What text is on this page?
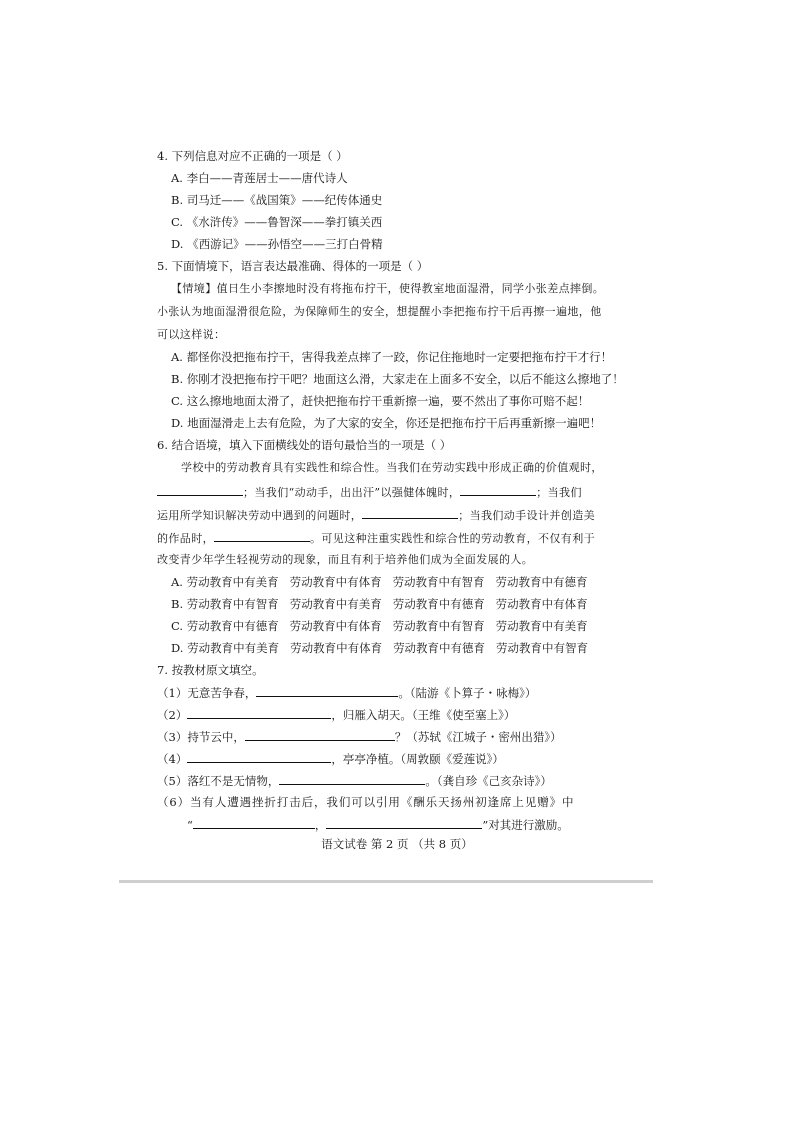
4. 下列信息对应不正确的一项是（ ）
A. 李白——青莲居士——唐代诗人
B. 司马迁——《战国策》——纪传体通史
C. 《水浒传》——鲁智深——拳打镇关西
D. 《西游记》——孙悟空——三打白骨精
5. 下面情境下，语言表达最准确、得体的一项是（ ）
【情境】值日生小李擦地时没有将拖布拧干，使得教室地面湿滑，同学小张差点摔倒。
小张认为地面湿滑很危险，为保障师生的安全，想提醒小李把拖布拧干后再擦一遍地，他
可以这样说：
A. 都怪你没把拖布拧干，害得我差点摔了一跤，你记住拖地时一定要把拖布拧干才行！
B. 你刚才没把拖布拧干吧？地面这么滑，大家走在上面多不安全，以后不能这么擦地了！
C. 这么擦地地面太滑了，赶快把拖布拧干重新擦一遍，要不然出了事你可赔不起！
D. 地面湿滑走上去有危险，为了大家的安全，你还是把拖布拧干后再重新擦一遍吧！
6. 结合语境，填入下面横线处的语句最恰当的一项是（ ）
学校中的劳动教育具有实践性和综合性。当我们在劳动实践中形成正确的价值观时，
；当我们“动动手，出出汗”以强健体魄时，	；当我们
运用所学知识解决劳动中遇到的问题时，	；当我们动手设计并创造美
的作品时，	。可见这种注重实践性和综合性的劳动教育，不仅有利于
改变青少年学生轻视劳动的现象，而且有利于培养他们成为全面发展的人。
A. 劳动教育中有美育 劳动教育中有体育 劳动教育中有智育 劳动教育中有德育
B. 劳动教育中有智育 劳动教育中有美育 劳动教育中有德育 劳动教育中有体育
C. 劳动教育中有德育 劳动教育中有体育 劳动教育中有智育 劳动教育中有美育
D. 劳动教育中有美育 劳动教育中有体育 劳动教育中有德育 劳动教育中有智育
7. 按教材原文填空。
（1）无意苦争春，	。（陆游《卜算子・咏梅》）
（2）	，归雁入胡天。（王维《使至塞上》）
（3）持节云中，	？（苏轼《江城子・密州出猎》）
（4）	，亭亭净植。（周敦颐《爱莲说》）
（5）落红不是无情物，	。（龚自珍《己亥杂诗》）
（6）当有人遭遇挫折打击后，我们可以引用《酬乐天扬州初逢席上见赠》中
“	，	”对其进行激励。
语文试卷 第 2 页 （共 8 页）
